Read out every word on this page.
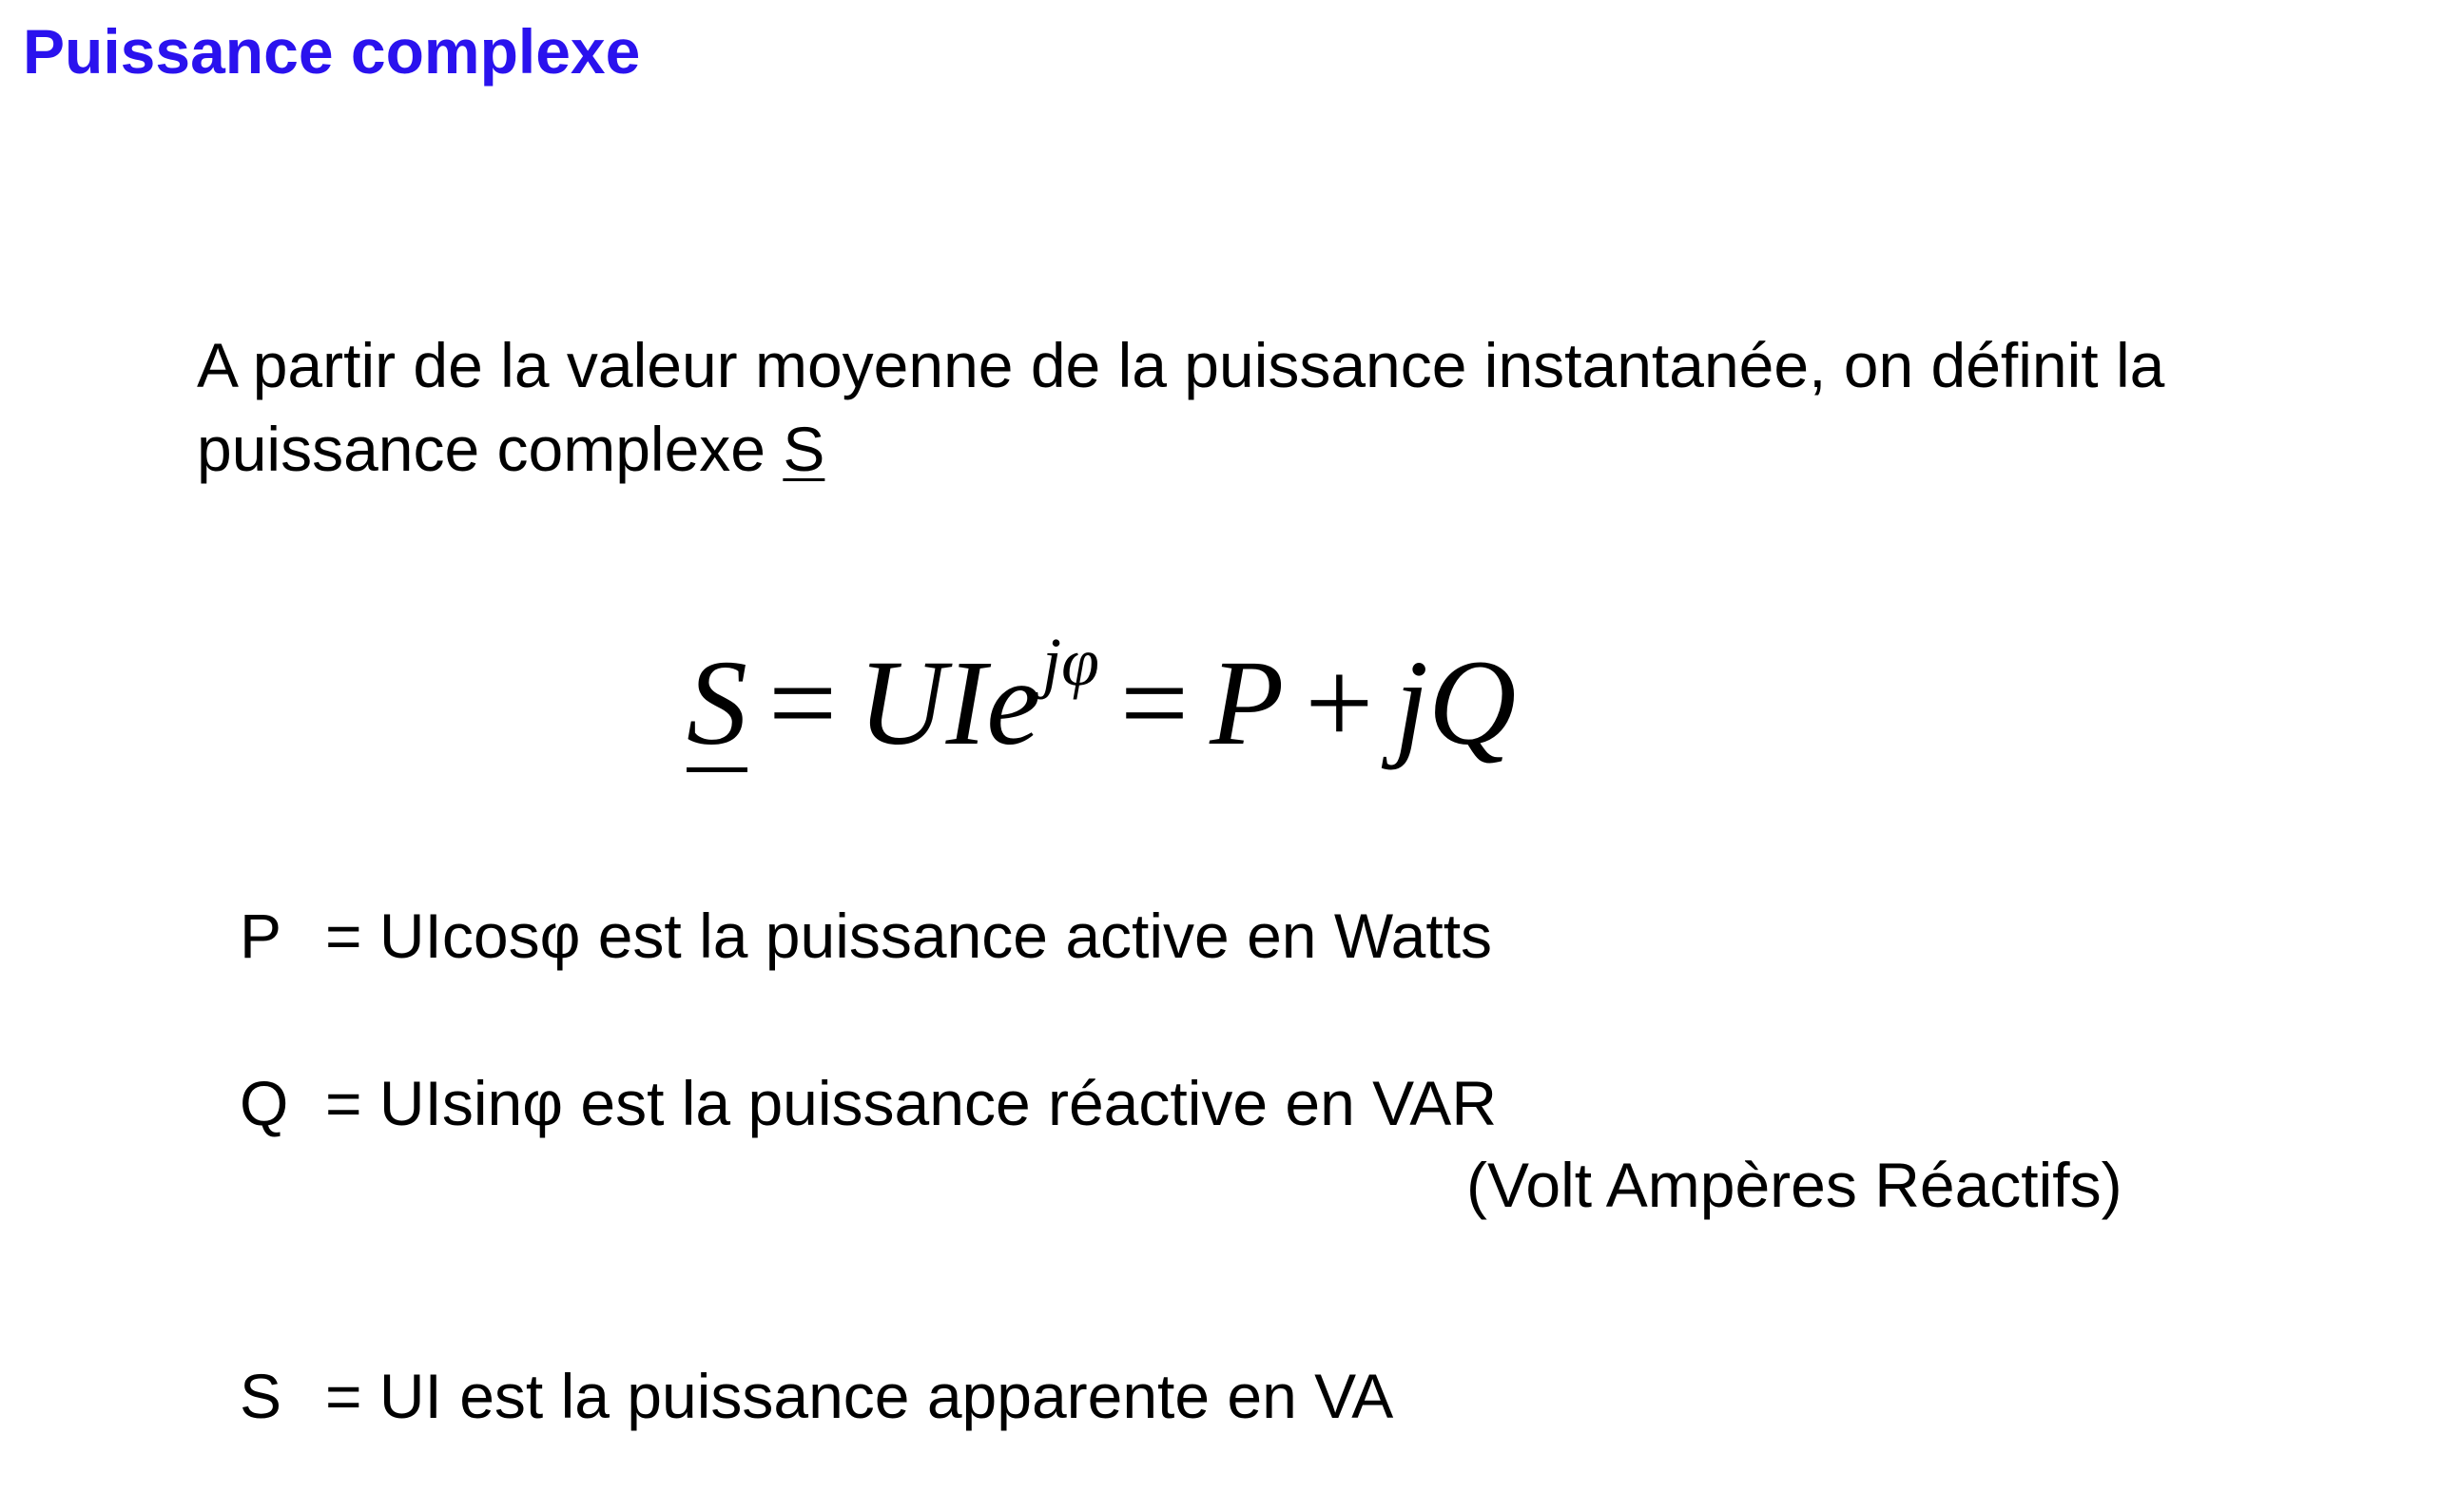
Puissance complexe
A partir de la valeur moyenne de la puissance instantanée, on définit la
puissance complexe S
S = UIe$^{j\varphi}$ = P + jQ
P = UIcosφ est la puissance active en Watts
Q = UIsinφ est la puissance réactive en VAR
(Volt Ampères Réactifs)
S = UI est la puissance apparente en VA
